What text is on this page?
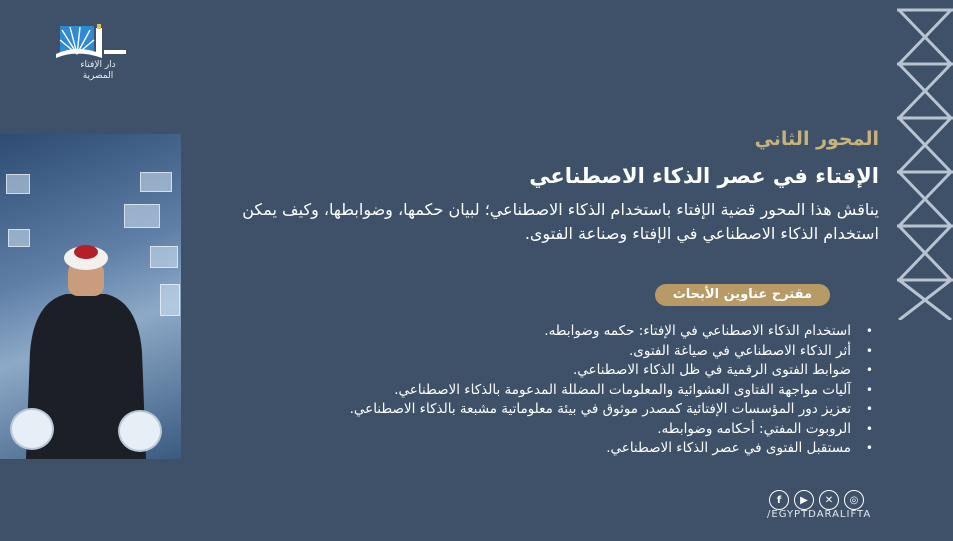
دار الإفتاء
المصرية

المحور الثاني

الإفتاء في عصر الذكاء الاصطناعي

يناقش هذا المحور قضية الإفتاء باستخدام الذكاء الاصطناعي؛ لبيان حكمها، وضوابطها، وكيف يمكن استخدام الذكاء الاصطناعي في الإفتاء وصناعة الفتوى.

مقترح عناوين الأبحاث
• استخدام الذكاء الاصطناعي في الإفتاء: حكمه وضوابطه.
• أثر الذكاء الاصطناعي في صياغة الفتوى.
• ضوابط الفتوى الرقمية في ظل الذكاء الاصطناعي.
• آليات مواجهة الفتاوى العشوائية والمعلومات المضللة المدعومة بالذكاء الاصطناعي.
• تعزيز دور المؤسسات الإفتائية كمصدر موثوق في بيئة معلوماتية مشبعة بالذكاء الاصطناعي.
• الروبوت المفتي: أحكامه وضوابطه.
• مستقبل الفتوى في عصر الذكاء الاصطناعي.
f	▶	✕	◎
/EGYPTDARALIFTA
